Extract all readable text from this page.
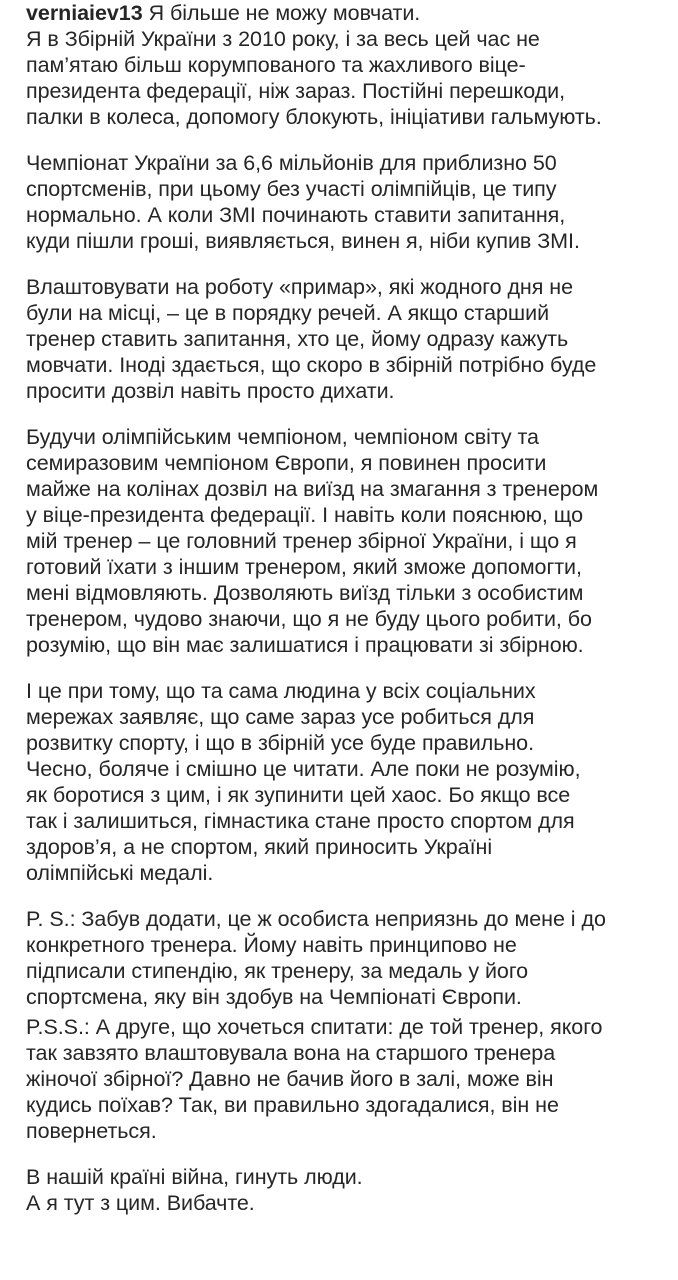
verniaiev13 Я більше не можу мовчати.
Я в Збірній України з 2010 року, і за весь цей час не
пам’ятаю більш корумпованого та жахливого віце-
президента федерації, ніж зараз. Постійні перешкоди,
палки в колеса, допомогу блокують, ініціативи гальмують.
Чемпіонат України за 6,6 мільйонів для приблизно 50
спортсменів, при цьому без участі олімпійців, це типу
нормально. А коли ЗМІ починають ставити запитання,
куди пішли гроші, виявляється, винен я, ніби купив ЗМІ.
Влаштовувати на роботу «примар», які жодного дня не
були на місці, – це в порядку речей. А якщо старший
тренер ставить запитання, хто це, йому одразу кажуть
мовчати. Іноді здається, що скоро в збірній потрібно буде
просити дозвіл навіть просто дихати.
Будучи олімпійським чемпіоном, чемпіоном світу та
семиразовим чемпіоном Європи, я повинен просити
майже на колінах дозвіл на виїзд на змагання з тренером
у віце-президента федерації. І навіть коли пояснюю, що
мій тренер – це головний тренер збірної України, і що я
готовий їхати з іншим тренером, який зможе допомогти,
мені відмовляють. Дозволяють виїзд тільки з особистим
тренером, чудово знаючи, що я не буду цього робити, бо
розумію, що він має залишатися і працювати зі збірною.
І це при тому, що та сама людина у всіх соціальних
мережах заявляє, що саме зараз усе робиться для
розвитку спорту, і що в збірній усе буде правильно.
Чесно, боляче і смішно це читати. Але поки не розумію,
як боротися з цим, і як зупинити цей хаос. Бо якщо все
так і залишиться, гімнастика стане просто спортом для
здоров’я, а не спортом, який приносить Україні
олімпійські медалі.
P. S.: Забув додати, це ж особиста неприязнь до мене і до
конкретного тренера. Йому навіть принципово не
підписали стипендію, як тренеру, за медаль у його
спортсмена, яку він здобув на Чемпіонаті Європи.
P.S.S.: А друге, що хочеться спитати: де той тренер, якого
так завзято влаштовувала вона на старшого тренера
жіночої збірної? Давно не бачив його в залі, може він
кудись поїхав? Так, ви правильно здогадалися, він не
повернеться.
В нашій країні війна, гинуть люди.
А я тут з цим. Вибачте.
